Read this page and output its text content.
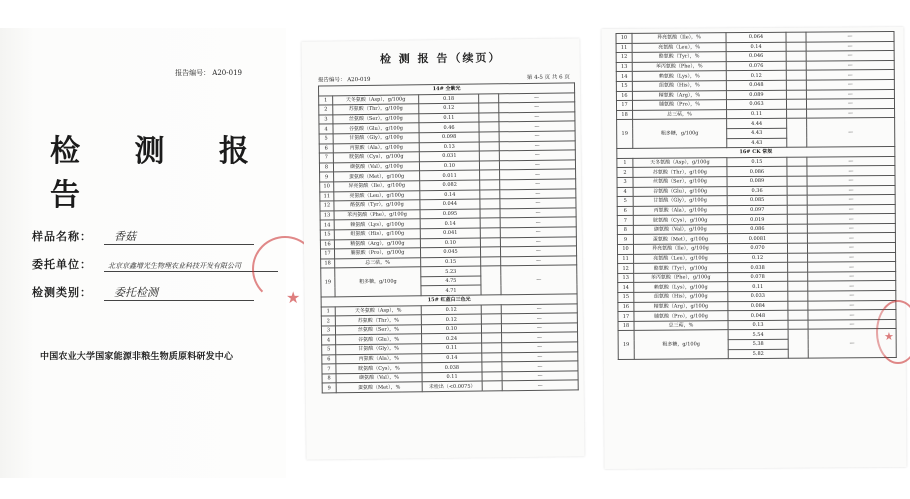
报告编号： A20-019
检 测 报 告
样品名称： 香菇
委托单位： 北京京鑫增光生物理农业科技开发有限公司
检测类别： 委托检测
中国农业大学国家能源非粮生物质原料研发中心
★
检 测 报 告（续页）
报告编号： A20-019	第 4-5 页 共 6 页
14# 全紫光				
1	天冬氨酸（Asp），g/100g	0.18		—
2	苏氨酸（Thr），g/100g	0.12		—
3	丝氨酸（Ser），g/100g	0.11		—
4	谷氨酸（Glu），g/100g	0.46		—
5	甘氨酸（Gly），g/100g	0.098		—
6	丙氨酸（Ala），g/100g	0.13		—
7	胱氨酸（Cys），g/100g	0.031		—
8	缬氨酸（Val），g/100g	0.10		—
9	蛋氨酸（Met），g/100g	0.011		—
10	异亮氨酸（Ile），g/100g	0.082		—
11	亮氨酸（Leu），g/100g	0.14		—
12	酪氨酸（Tyr），g/100g	0.044		—
13	苯丙氨酸（Phe），g/100g	0.095		—
14	赖氨酸（Lys），g/100g	0.14		—
15	组氨酸（His），g/100g	0.041		—
16	精氨酸（Arg），g/100g	0.10		—
17	脯氨酸（Pro），g/100g	0.045		—
18	总三萜，%	0.15		—
19	粗多糖，g/100g	5.23		—
		4.75		
		4.71		
15# 红蓝白三色光				
1	天冬氨酸（Asp），%	0.12		—
2	苏氨酸（Thr），%	0.12		—
3	丝氨酸（Ser），%	0.10		—
4	谷氨酸（Glu），%	0.24		—
5	甘氨酸（Gly），%	0.11		—
6	丙氨酸（Ala），%	0.14		—
7	胱氨酸（Cys），%	0.038		—
8	缬氨酸（Val），%	0.11		—
9	蛋氨酸（Met），%	未检出（<0.0075）		—
10	异亮氨酸（Ile），%	0.064		—
11	亮氨酸（Leu），%	0.14		—
12	酪氨酸（Tyr），%	0.046		—
13	苯丙氨酸（Phe），%	0.076		—
14	赖氨酸（Lys），%	0.12		—
15	组氨酸（His），%	0.048		—
16	精氨酸（Arg），%	0.089		—
17	脯氨酸（Pro），%	0.063		—
18	总三萜，%	0.11		—
19	粗多糖，g/100g	4.44		—
		4.43		
		4.43		
16# CK 常规				
1	天冬氨酸（Asp），g/100g	0.15		—
2	苏氨酸（Thr），g/100g	0.086		—
3	丝氨酸（Ser），g/100g	0.089		—
4	谷氨酸（Glu），g/100g	0.36		—
5	甘氨酸（Gly），g/100g	0.085		—
6	丙氨酸（Ala），g/100g	0.097		—
7	胱氨酸（Cys），g/100g	0.019		—
8	缬氨酸（Val），g/100g	0.086		—
9	蛋氨酸（Met），g/100g	0.0081		—
10	异亮氨酸（Ile），g/100g	0.070		—
11	亮氨酸（Leu），g/100g	0.12		—
12	酪氨酸（Tyr），g/100g	0.038		—
13	苯丙氨酸（Phe），g/100g	0.078		—
14	赖氨酸（Lys），g/100g	0.11		—
15	组氨酸（His），g/100g	0.033		—
16	精氨酸（Arg），g/100g	0.084		—
17	脯氨酸（Pro），g/100g	0.048		—
18	总三萜，%	0.13		—
19	粗多糖，g/100g	5.54		—
		5.38		
		5.82		
★
